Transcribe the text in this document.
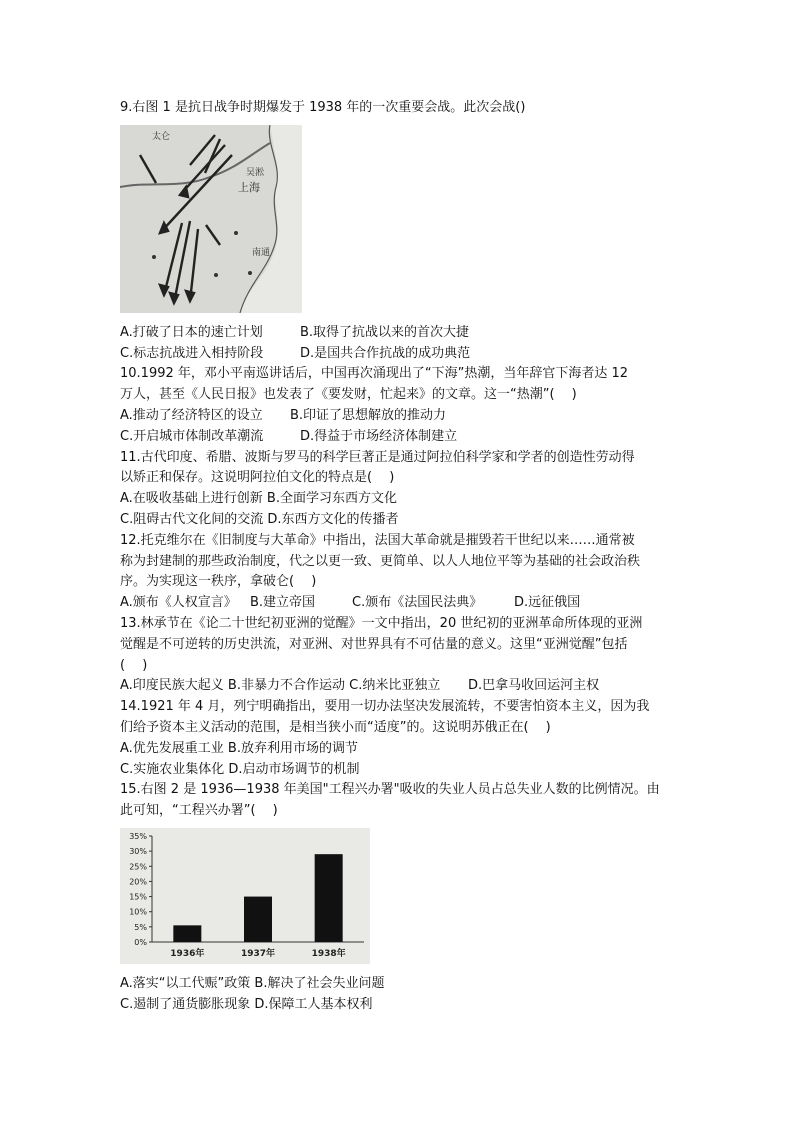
9.右图 1 是抗日战争时期爆发于 1938 年的一次重要会战。此次会战()
太仑
上海
吴淞
南通
A.打破了日本的速亡计划	B.取得了抗战以来的首次大捷
C.标志抗战进入相持阶段	D.是国共合作抗战的成功典范
10.1992 年，邓小平南巡讲话后，中国再次涌现出了“下海”热潮，当年辞官下海者达 12
万人，甚至《人民日报》也发表了《要发财，忙起来》的文章。这一“热潮”(　 )
A.推动了经济特区的设立	B.印证了思想解放的推动力
C.开启城市体制改革潮流	D.得益于市场经济体制建立
11.古代印度、希腊、波斯与罗马的科学巨著正是通过阿拉伯科学家和学者的创造性劳动得
以矫正和保存。这说明阿拉伯文化的特点是(　 )
A.在吸收基础上进行创新 B.全面学习东西方文化
C.阻碍古代文化间的交流 D.东西方文化的传播者
12.托克维尔在《旧制度与大革命》中指出，法国大革命就是摧毁若干世纪以来……通常被
称为封建制的那些政治制度，代之以更一致、更简单、以人人地位平等为基础的社会政治秩
序。为实现这一秩序，拿破仑(　 )
A.颁布《人权宣言》	B.建立帝国	C.颁布《法国民法典》	D.远征俄国
13.林承节在《论二十世纪初亚洲的觉醒》一文中指出，20 世纪初的亚洲革命所体现的亚洲
觉醒是不可逆转的历史洪流，对亚洲、对世界具有不可估量的意义。这里“亚洲觉醒”包括
(　 )
A.印度民族大起义 B.非暴力不合作运动 C.纳米比亚独立	D.巴拿马收回运河主权
14.1921 年 4 月，列宁明确指出，要用一切办法坚决发展流转，不要害怕资本主义，因为我
们给予资本主义活动的范围，是相当狭小而“适度”的。这说明苏俄正在(　 )
A.优先发展重工业 B.放弃利用市场的调节
C.实施农业集体化 D.启动市场调节的机制
15.右图 2 是 1936—1938 年美国"工程兴办署"吸收的失业人员占总失业人数的比例情况。由
此可知，“工程兴办署”(　 )
0%
5%
10%
15%
20%
25%
30%
35%
1936年	1937年	1938年
A.落实“以工代赈”政策 B.解决了社会失业问题
C.遏制了通货膨胀现象 D.保障工人基本权利
